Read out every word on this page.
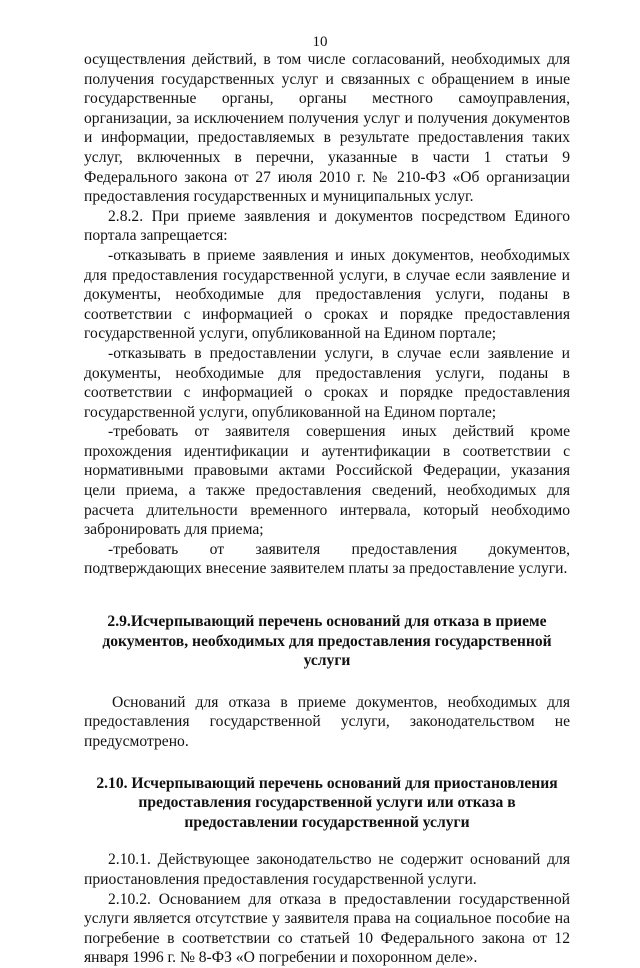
10

осуществления действий, в том числе согласований, необходимых для получения государственных услуг и связанных с обращением в иные государственные органы, органы местного самоуправления, организации, за исключением получения услуг и получения документов и информации, предоставляемых в результате предоставления таких услуг, включенных в перечни, указанные в части 1 статьи 9 Федерального закона от 27 июля 2010 г. № 210-ФЗ «Об организации предоставления государственных и муниципальных услуг.

2.8.2. При приеме заявления и документов посредством Единого портала запрещается:

-отказывать в приеме заявления и иных документов, необходимых для предоставления государственной услуги, в случае если заявление и документы, необходимые для предоставления услуги, поданы в соответствии с информацией о сроках и порядке предоставления государственной услуги, опубликованной на Едином портале;

-отказывать в предоставлении услуги, в случае если заявление и документы, необходимые для предоставления услуги, поданы в соответствии с информацией о сроках и порядке предоставления государственной услуги, опубликованной на Едином портале;

-требовать от заявителя совершения иных действий кроме прохождения идентификации и аутентификации в соответствии с нормативными правовыми актами Российской Федерации, указания цели приема, а также предоставления сведений, необходимых для расчета длительности временного интервала, который необходимо забронировать для приема;

-требовать от заявителя предоставления документов, подтверждающих внесение заявителем платы за предоставление услуги.

2.9.Исчерпывающий перечень оснований для отказа в приеме документов, необходимых для предоставления государственной услуги

Оснований для отказа в приеме документов, необходимых для предоставления государственной услуги, законодательством не предусмотрено.

2.10. Исчерпывающий перечень оснований для приостановления предоставления государственной услуги или отказа в предоставлении государственной услуги

2.10.1. Действующее законодательство не содержит оснований для приостановления предоставления государственной услуги.

2.10.2. Основанием для отказа в предоставлении государственной услуги является отсутствие у заявителя права на социальное пособие на погребение в соответствии со статьей 10 Федерального закона от 12 января 1996 г. № 8-ФЗ «О погребении и похоронном деле».
